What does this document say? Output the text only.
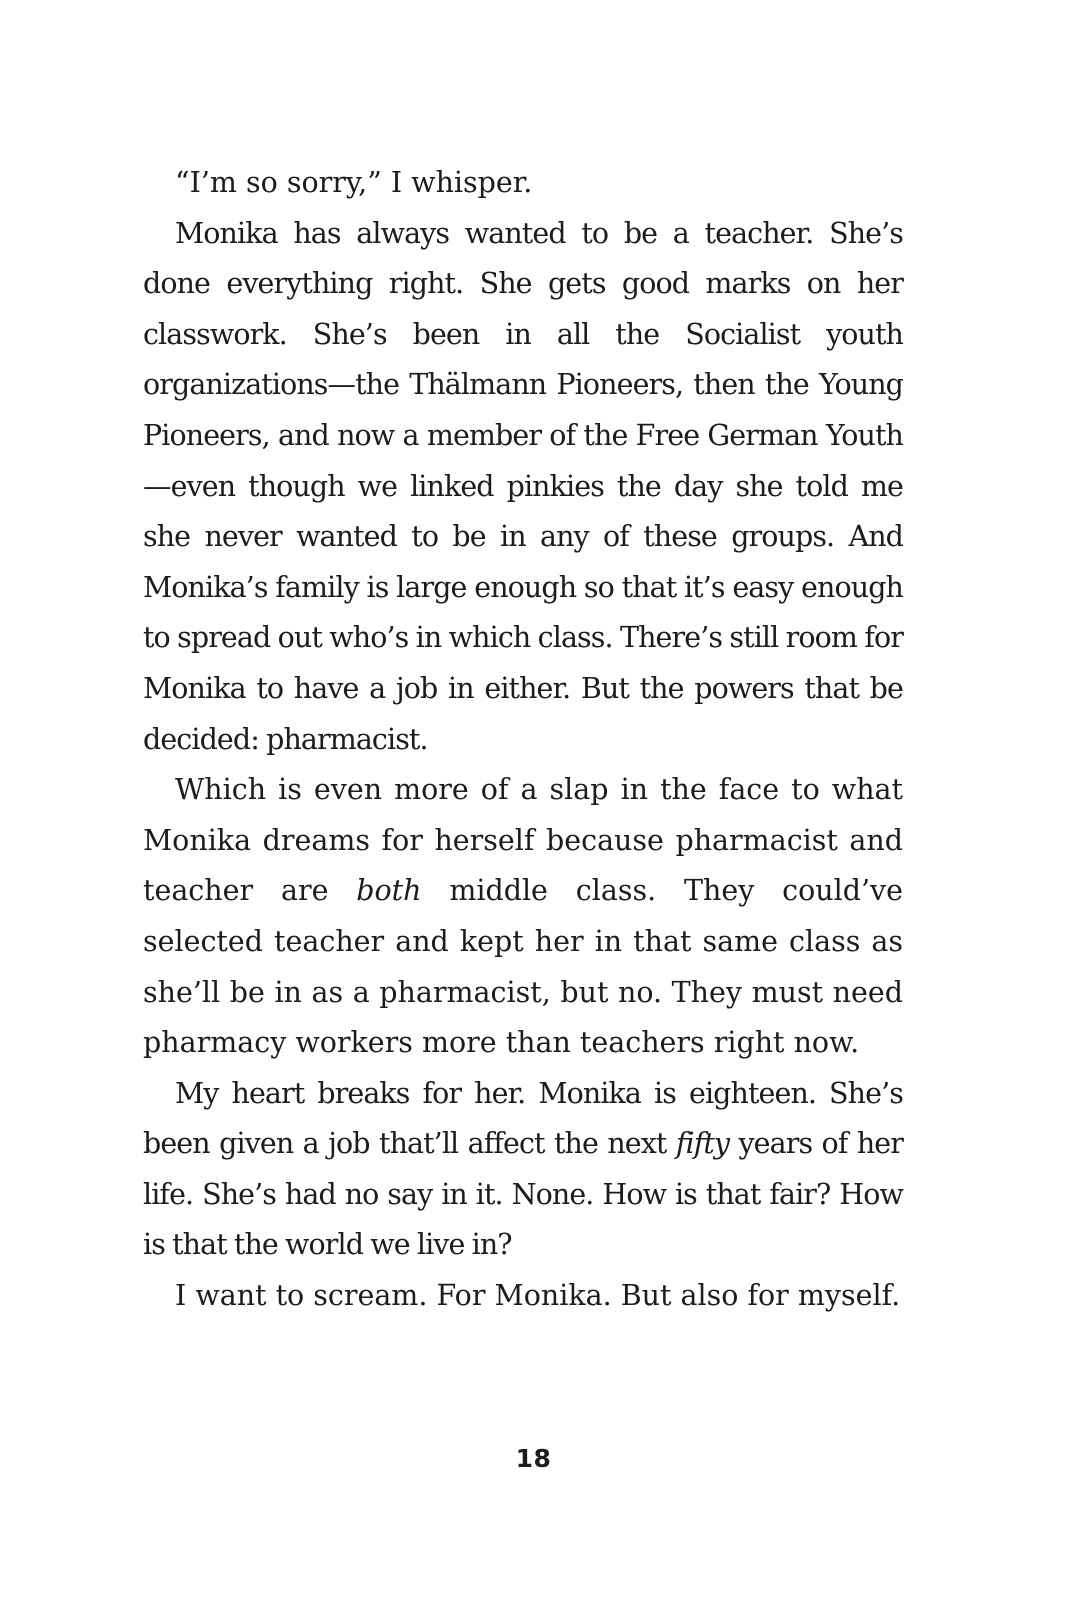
“I’m so sorry,” I whisper.

Monika has always wanted to be a teacher. She’s done everything right. She gets good marks on her classwork. She’s been in all the Socialist youth organizations—the Thälmann Pioneers, then the Young Pioneers, and now a member of the Free German Youth—even though we linked pinkies the day she told me she never wanted to be in any of these groups. And Monika’s family is large enough so that it’s easy enough to spread out who’s in which class. There’s still room for Monika to have a job in either. But the powers that be decided: pharmacist.

Which is even more of a slap in the face to what Monika dreams for herself because pharmacist and teacher are both middle class. They could’ve selected teacher and kept her in that same class as she’ll be in as a pharmacist, but no. They must need pharmacy workers more than teachers right now.

My heart breaks for her. Monika is eighteen. She’s been given a job that’ll affect the next fifty years of her life. She’s had no say in it. None. How is that fair? How is that the world we live in?

I want to scream. For Monika. But also for myself.

18
